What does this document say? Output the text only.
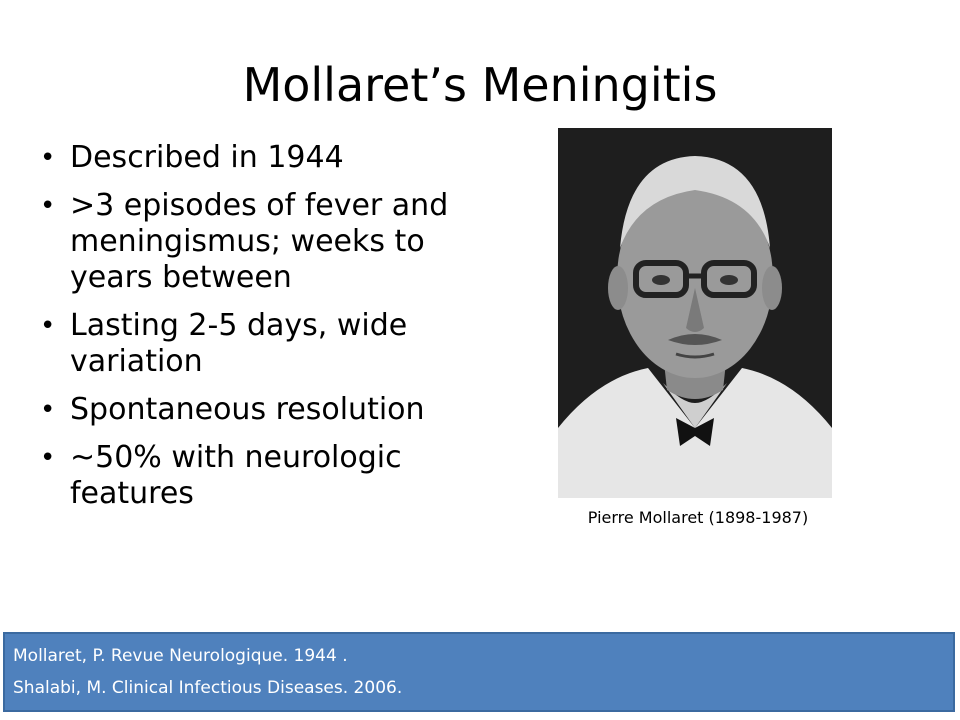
Mollaret’s Meningitis
• Described in 1944
• >3 episodes of fever and meningismus; weeks to years between
• Lasting 2-5 days, wide variation
• Spontaneous resolution
• ~50% with neurologic features
Pierre Mollaret (1898-1987)
Mollaret, P. Revue Neurologique. 1944 .
Shalabi, M. Clinical Infectious Diseases. 2006.
